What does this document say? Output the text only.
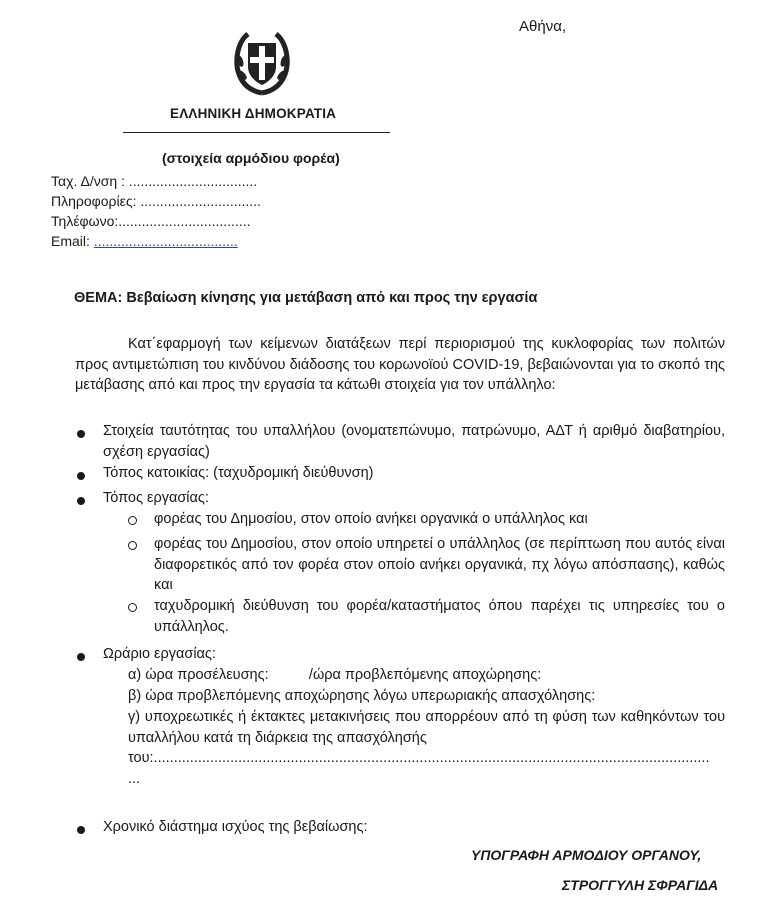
Αθήνα,
ΕΛΛΗΝΙΚΗ ΔΗΜΟΚΡΑΤΙΑ
(στοιχεία αρμόδιου φορέα)
Ταχ. Δ/νση : .................................
Πληροφορίες: ...............................
Τηλέφωνο:..................................
Email: .....................................
ΘΕΜΑ: Βεβαίωση κίνησης για μετάβαση από και προς την εργασία
Κατ΄εφαρμογή των κείμενων διατάξεων περί περιορισμού της κυκλοφορίας των πολιτών προς αντιμετώπιση του κινδύνου διάδοσης του κορωνοϊού COVID-19, βεβαιώνονται για το σκοπό της μετάβασης από και προς την εργασία τα κάτωθι στοιχεία για τον υπάλληλο:
Στοιχεία ταυτότητας του υπαλλήλου (ονοματεπώνυμο, πατρώνυμο, ΑΔΤ ή αριθμό διαβατηρίου, σχέση εργασίας)
Τόπος κατοικίας: (ταχυδρομική διεύθυνση)
Τόπος εργασίας:
φορέας του Δημοσίου, στον οποίο ανήκει οργανικά ο υπάλληλος και
φορέας του Δημοσίου, στον οποίο υπηρετεί ο υπάλληλος (σε περίπτωση που αυτός είναι διαφορετικός από τον φορέα στον οποίο ανήκει οργανικά, πχ λόγω απόσπασης), καθώς και
ταχυδρομική διεύθυνση του φορέα/καταστήματος όπου παρέχει τις υπηρεσίες του ο υπάλληλος.
Ωράριο εργασίας:
α) ώρα προσέλευσης:          /ώρα προβλεπόμενης αποχώρησης:
β) ώρα προβλεπόμενης αποχώρησης λόγω υπερωριακής απασχόλησης:
γ) υποχρεωτικές ή έκτακτες μετακινήσεις που απορρέουν από τη φύση των καθηκόντων του υπαλλήλου κατά τη διάρκεια της απασχόλησής
του:..........................................................................................................................................
...
Χρονικό διάστημα ισχύος της βεβαίωσης:
ΥΠΟΓΡΑΦΗ ΑΡΜΟΔΙΟΥ ΟΡΓΑΝΟΥ,
ΣΤΡΟΓΓΥΛΗ ΣΦΡΑΓΙΔΑ
